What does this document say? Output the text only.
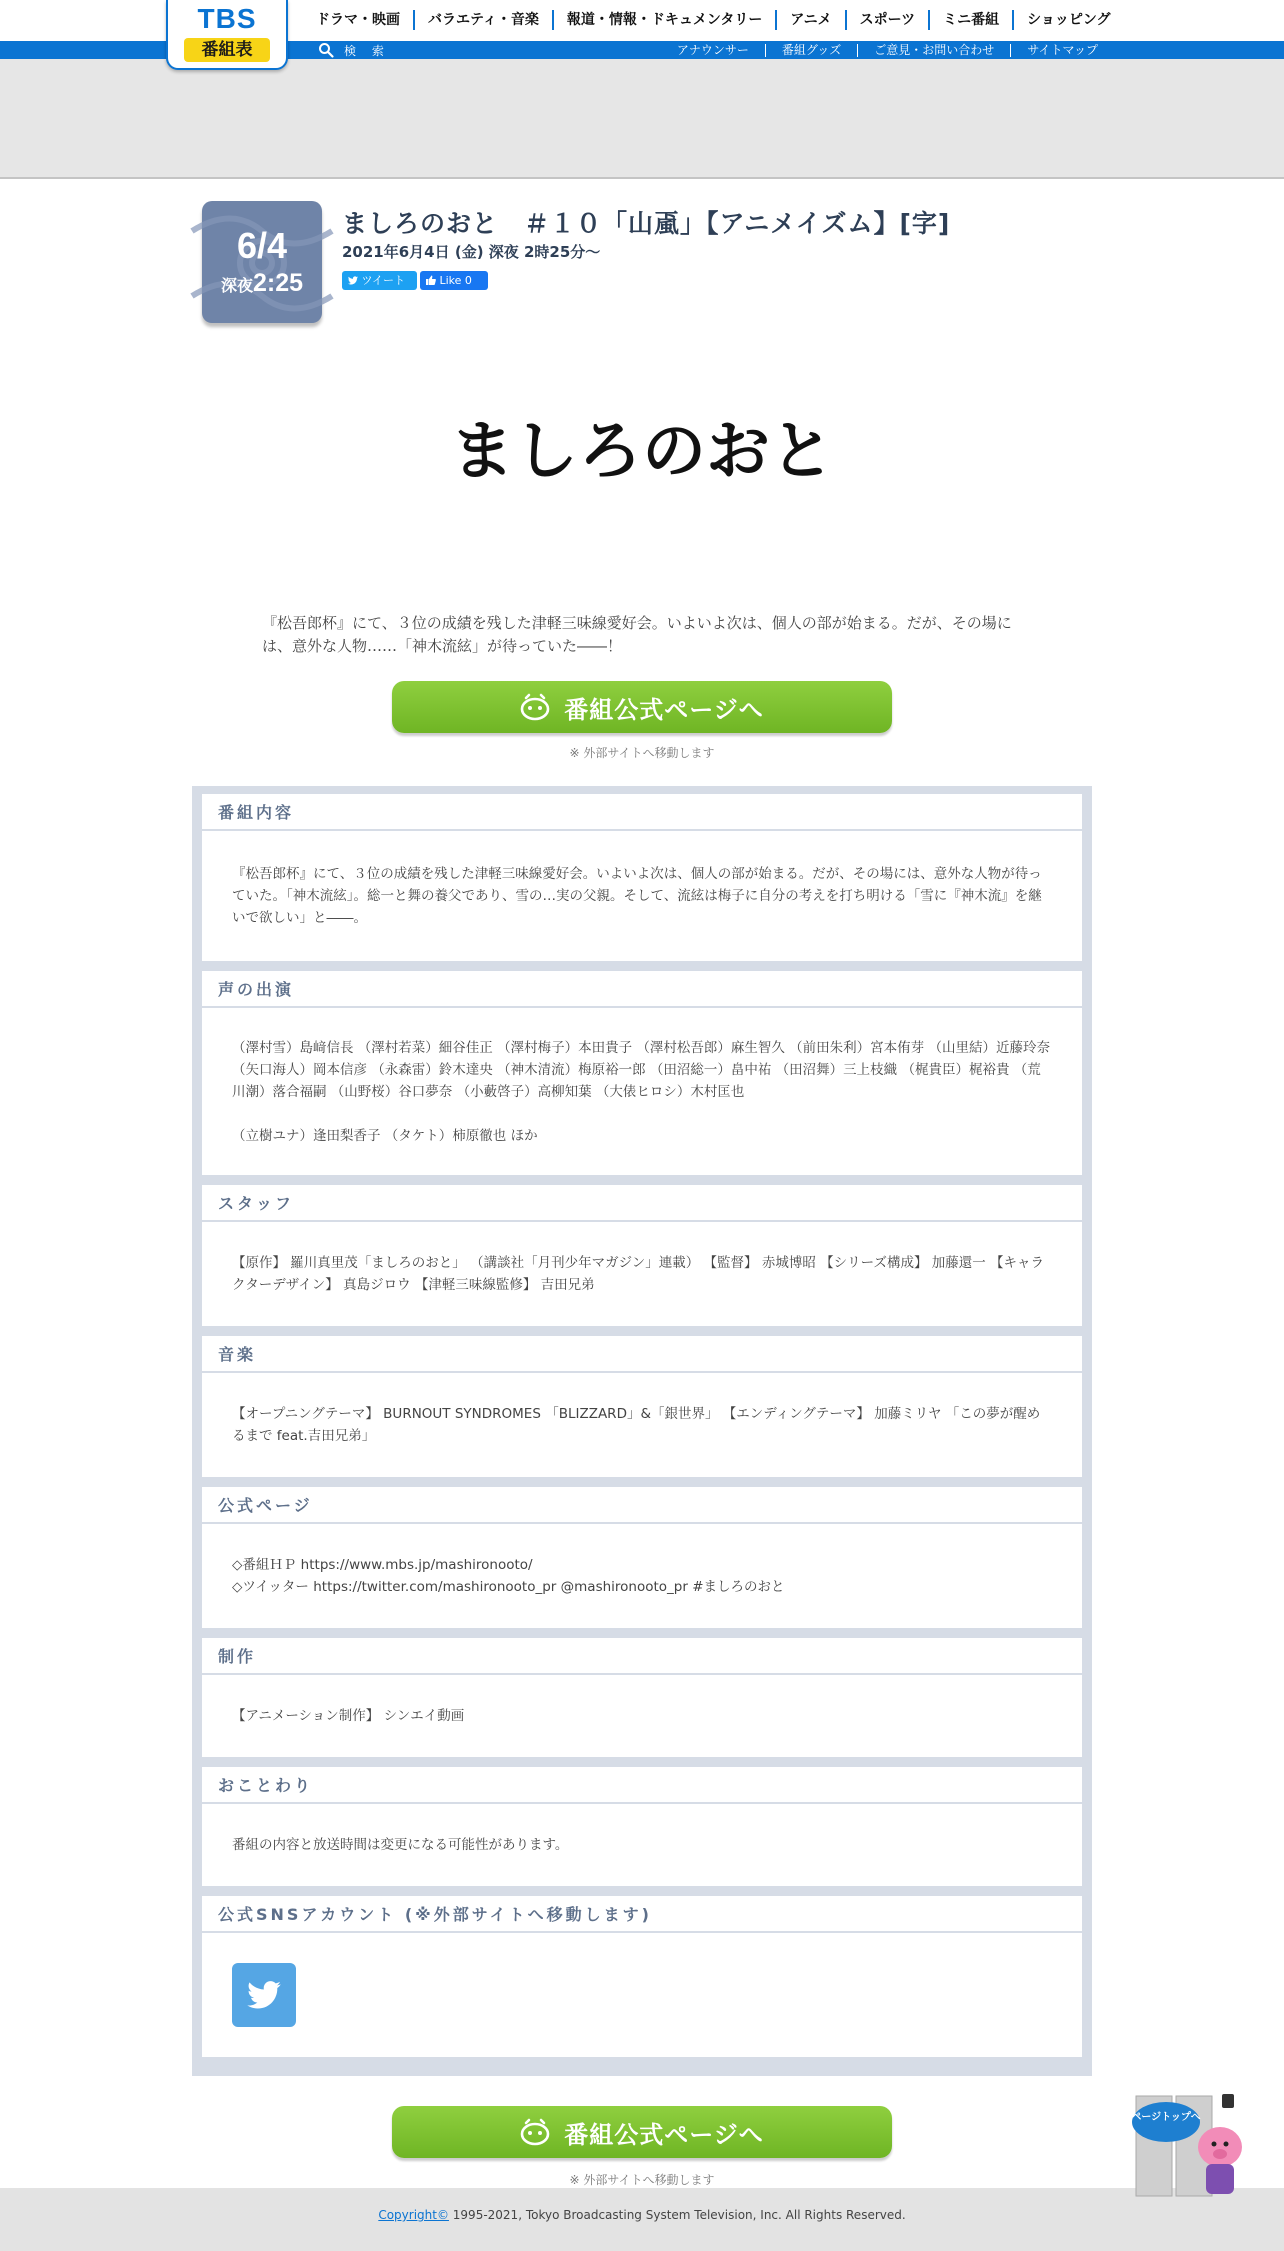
TBS
番組表
ドラマ・映画	バラエティ・音楽	報道・情報・ドキュメンタリー	アニメ	スポーツ	ミニ番組	ショッピング
検 索	アナウンサー	番組グッズ	ご意見・お問い合わせ	サイトマップ
6/4
深夜2:25
ましろのおと　＃１０「山颪」【アニメイズム】[字]
2021年6月4日 (金) 深夜 2時25分〜
ツイート	Like 0
ましろのおと
『松吾郎杯』にて、３位の成績を残した津軽三味線愛好会。いよいよ次は、個人の部が始まる。だが、その場には、意外な人物……「神木流絃」が待っていた――！
番組公式ページへ
※ 外部サイトへ移動します
番組内容
『松吾郎杯』にて、３位の成績を残した津軽三味線愛好会。いよいよ次は、個人の部が始まる。だが、その場には、意外な人物が待っていた。「神木流絃」。総一と舞の養父であり、雪の…実の父親。そして、流絃は梅子に自分の考えを打ち明ける「雪に『神木流』を継いで欲しい」と――。
声の出演
（澤村雪）島﨑信長 （澤村若菜）細谷佳正 （澤村梅子）本田貴子 （澤村松吾郎）麻生智久 （前田朱利）宮本侑芽 （山里結）近藤玲奈 （矢口海人）岡本信彦 （永森雷）鈴木達央 （神木清流）梅原裕一郎 （田沼総一）畠中祐 （田沼舞）三上枝織 （梶貴臣）梶裕貴 （荒川潮）落合福嗣 （山野桜）谷口夢奈 （小藪啓子）高柳知葉 （大俵ヒロシ）木村匡也
（立樹ユナ）逢田梨香子 （タケト）柿原徹也 ほか
スタッフ
【原作】 羅川真里茂「ましろのおと」 （講談社「月刊少年マガジン」連載） 【監督】 赤城博昭 【シリーズ構成】 加藤還一 【キャラクターデザイン】 真島ジロウ 【津軽三味線監修】 吉田兄弟
音楽
【オープニングテーマ】 BURNOUT SYNDROMES 「BLIZZARD」&「銀世界」 【エンディングテーマ】 加藤ミリヤ 「この夢が醒めるまで feat.吉田兄弟」
公式ページ
◇番組ＨＰ https://www.mbs.jp/mashironooto/
◇ツイッター https://twitter.com/mashironooto_pr @mashironooto_pr #ましろのおと
制作
【アニメーション制作】 シンエイ動画
おことわり
番組の内容と放送時間は変更になる可能性があります。
公式SNSアカウント (※外部サイトへ移動します)
番組公式ページへ
※ 外部サイトへ移動します
Copyright© 1995-2021, Tokyo Broadcasting System Television, Inc. All Rights Reserved.
ページトップへ
